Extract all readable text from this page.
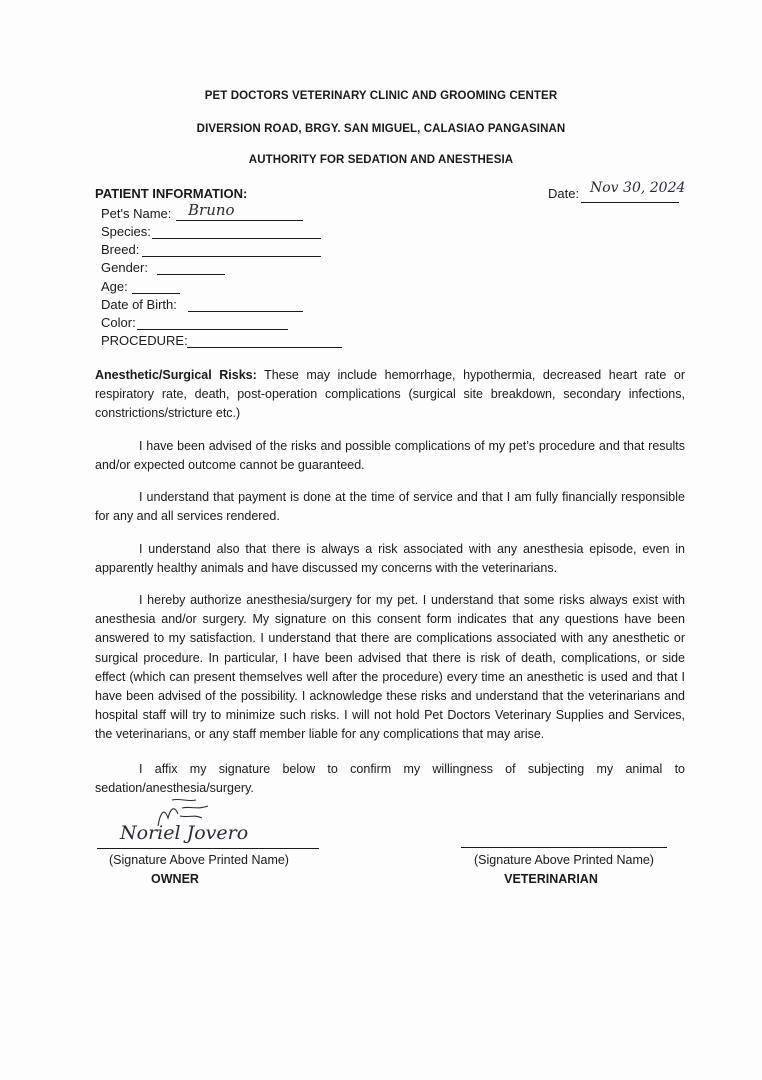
PET DOCTORS VETERINARY CLINIC AND GROOMING CENTER
DIVERSION ROAD, BRGY. SAN MIGUEL, CALASIAO PANGASINAN
AUTHORITY FOR SEDATION AND ANESTHESIA
PATIENT INFORMATION:	Date: Nov 30, 2024
Pet's Name: Bruno
Species:
Breed:
Gender:
Age:
Date of Birth:
Color:
PROCEDURE:

Anesthetic/Surgical Risks: These may include hemorrhage, hypothermia, decreased heart rate or respiratory rate, death, post-operation complications (surgical site breakdown, secondary infections, constrictions/stricture etc.)

I have been advised of the risks and possible complications of my pet’s procedure and that results and/or expected outcome cannot be guaranteed.

I understand that payment is done at the time of service and that I am fully financially responsible for any and all services rendered.

I understand also that there is always a risk associated with any anesthesia episode, even in apparently healthy animals and have discussed my concerns with the veterinarians.

I hereby authorize anesthesia/surgery for my pet. I understand that some risks always exist with anesthesia and/or surgery. My signature on this consent form indicates that any questions have been answered to my satisfaction. I understand that there are complications associated with any anesthetic or surgical procedure. In particular, I have been advised that there is risk of death, complications, or side effect (which can present themselves well after the procedure) every time an anesthetic is used and that I have been advised of the possibility. I acknowledge these risks and understand that the veterinarians and hospital staff will try to minimize such risks. I will not hold Pet Doctors Veterinary Supplies and Services, the veterinarians, or any staff member liable for any complications that may arise.

I affix my signature below to confirm my willingness of subjecting my animal to sedation/anesthesia/surgery.

Noriel Jovero
(Signature Above Printed Name)
OWNER
(Signature Above Printed Name)
VETERINARIAN
